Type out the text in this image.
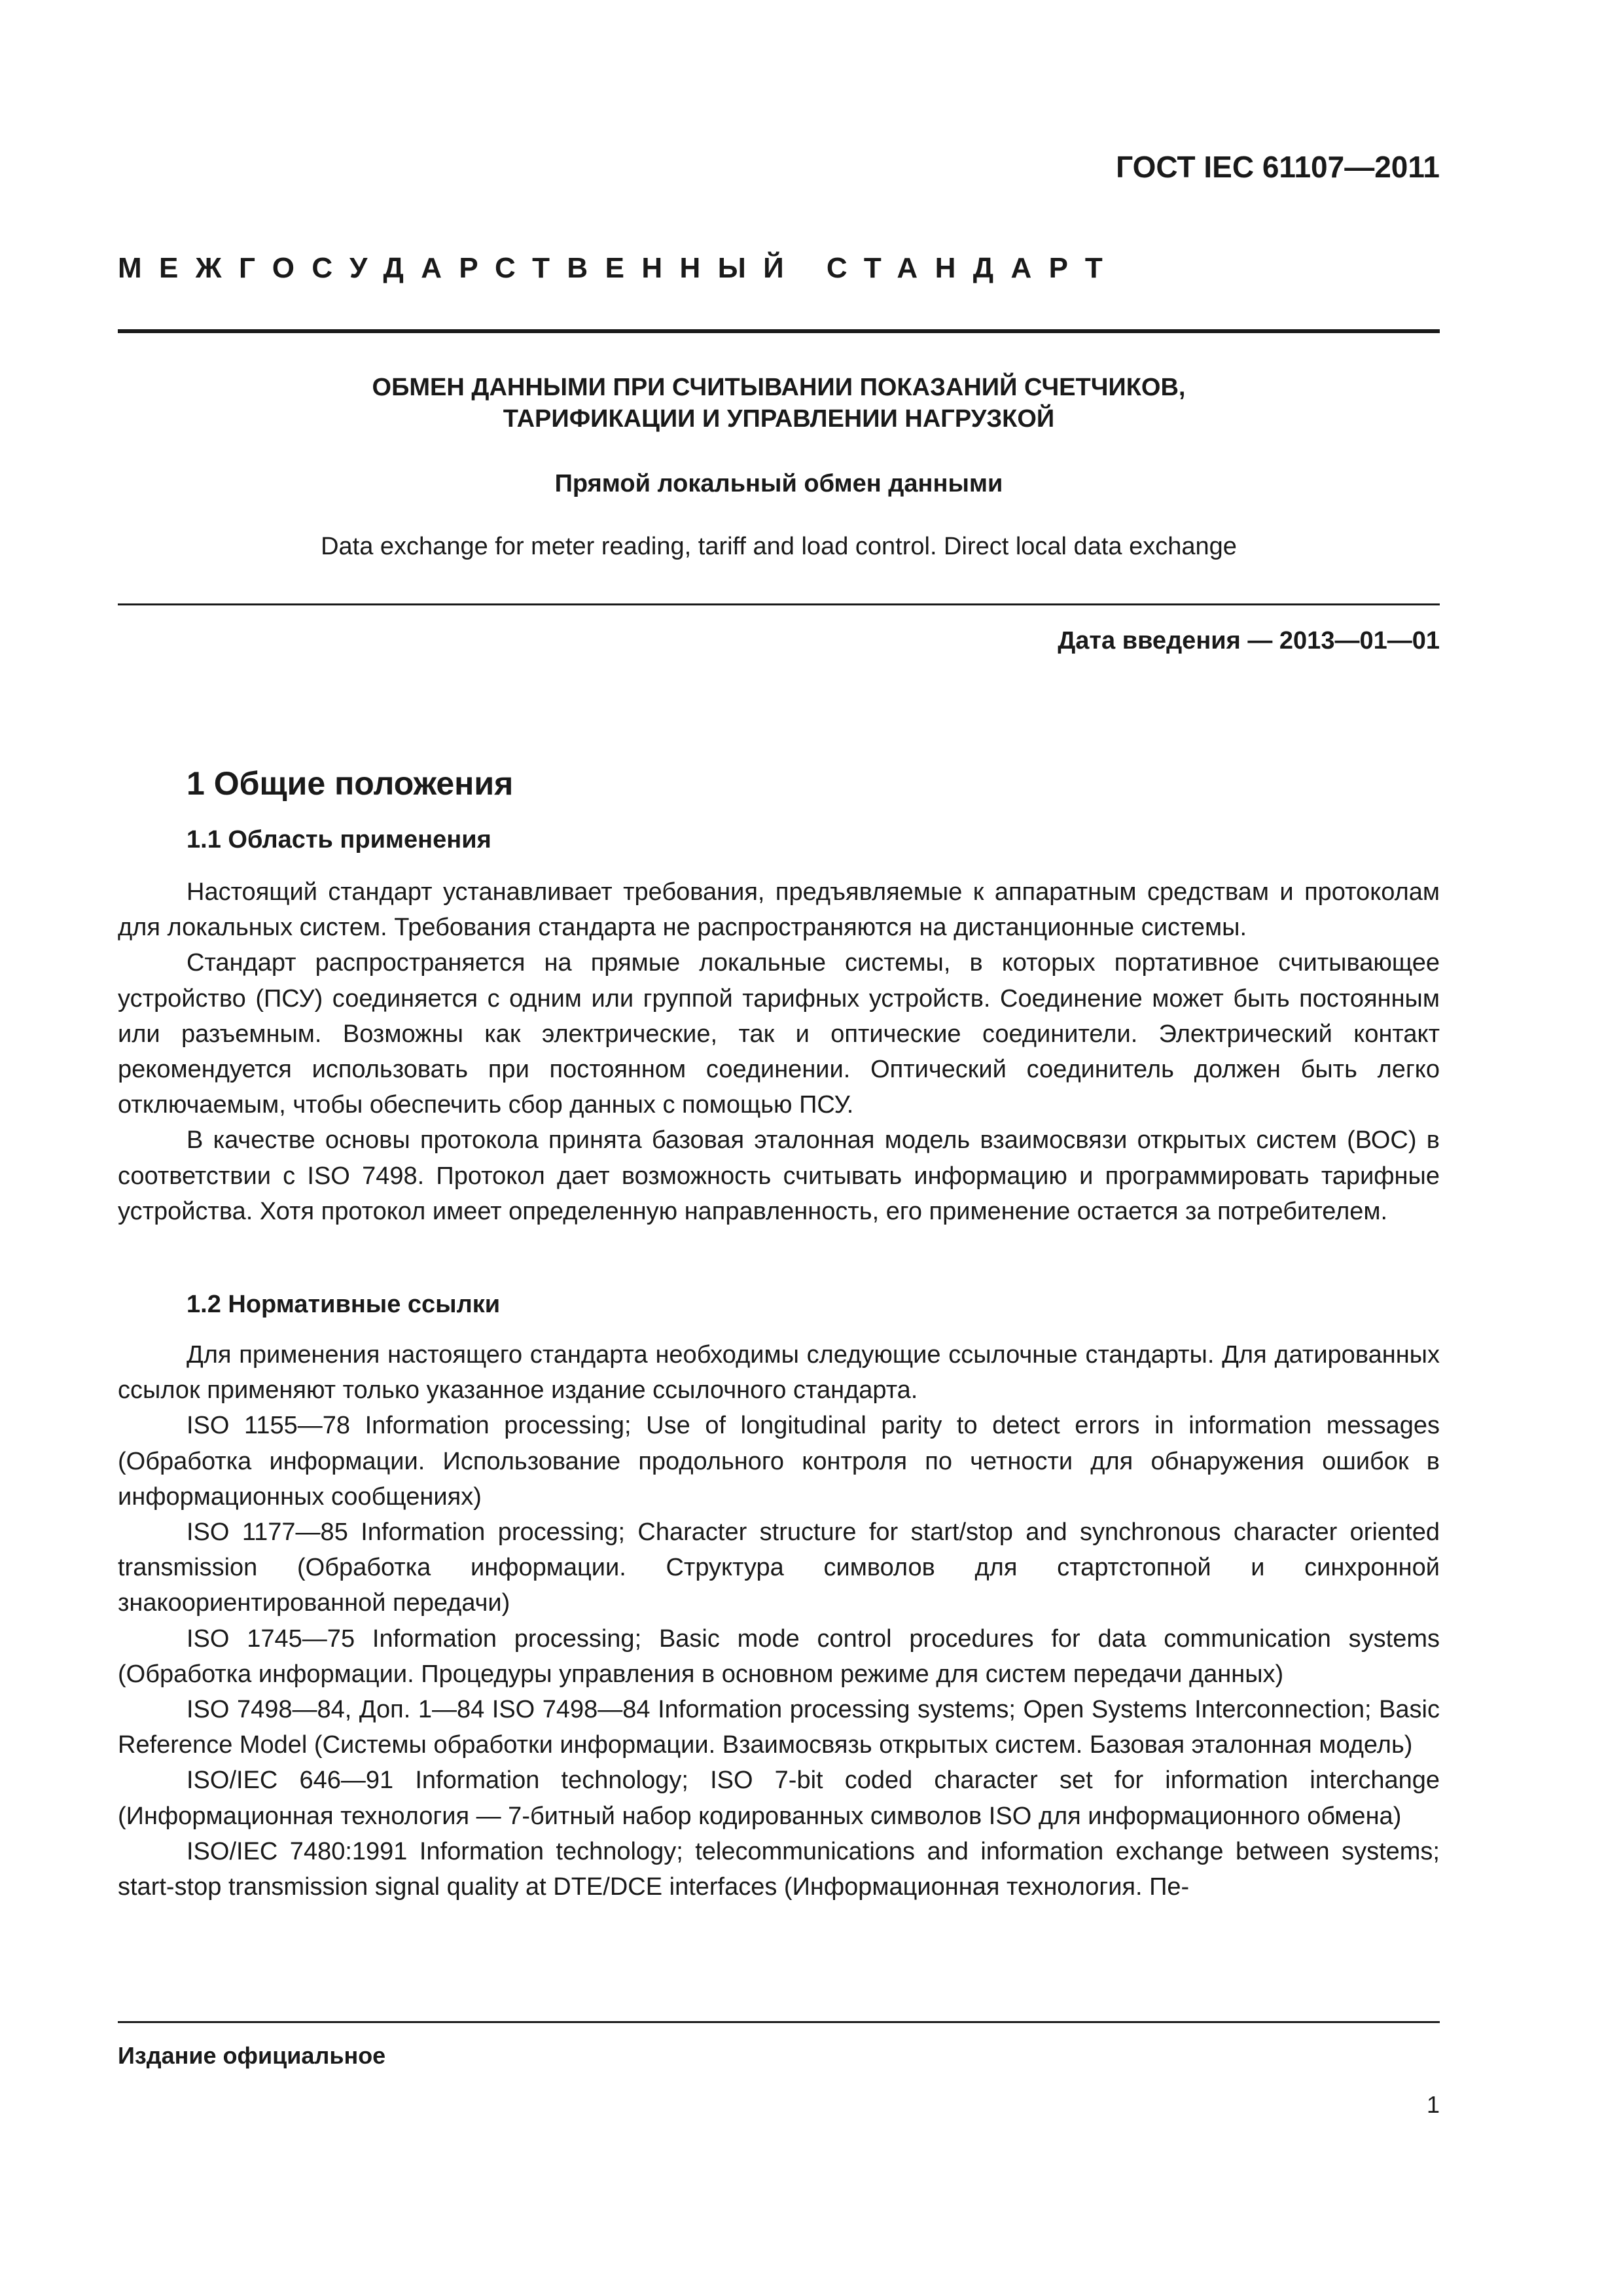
ГОСТ IEC 61107—2011
МЕЖГОСУДАРСТВЕННЫЙ СТАНДАРТ
ОБМЕН ДАННЫМИ ПРИ СЧИТЫВАНИИ ПОКАЗАНИЙ СЧЕТЧИКОВ,
ТАРИФИКАЦИИ И УПРАВЛЕНИИ НАГРУЗКОЙ
Прямой локальный обмен данными
Data exchange for meter reading, tariff and load control. Direct local data exchange
Дата введения — 2013—01—01
1 Общие положения
1.1 Область применения

Настоящий стандарт устанавливает требования, предъявляемые к аппаратным средствам и протоколам для локальных систем. Требования стандарта не распространяются на дистанционные системы.

Стандарт распространяется на прямые локальные системы, в которых портативное считывающее устройство (ПСУ) соединяется с одним или группой тарифных устройств. Соединение может быть постоянным или разъемным. Возможны как электрические, так и оптические соединители. Электрический контакт рекомендуется использовать при постоянном соединении. Оптический соединитель должен быть легко отключаемым, чтобы обеспечить сбор данных с помощью ПСУ.

В качестве основы протокола принята базовая эталонная модель взаимосвязи открытых систем (ВОС) в соответствии с ISO 7498. Протокол дает возможность считывать информацию и программировать тарифные устройства. Хотя протокол имеет определенную направленность, его применение остается за потребителем.

1.2 Нормативные ссылки

Для применения настоящего стандарта необходимы следующие ссылочные стандарты. Для датированных ссылок применяют только указанное издание ссылочного стандарта.

ISO 1155—78 Information processing; Use of longitudinal parity to detect errors in information messages (Обработка информации. Использование продольного контроля по четности для обнаружения ошибок в информационных сообщениях)

ISO 1177—85 Information processing; Character structure for start/stop and synchronous character oriented transmission (Обработка информации. Структура символов для стартстопной и синхронной знакоориентированной передачи)

ISO 1745—75 Information processing; Basic mode control procedures for data communication systems (Обработка информации. Процедуры управления в основном режиме для систем передачи данных)

ISO 7498—84, Доп. 1—84 ISO 7498—84 Information processing systems; Open Systems Interconnection; Basic Reference Model (Системы обработки информации. Взаимосвязь открытых систем. Базовая эталонная модель)

ISO/IEC 646—91 Information technology; ISO 7-bit coded character set for information interchange (Информационная технология — 7-битный набор кодированных символов ISO для информационного обмена)

ISO/IEC 7480:1991 Information technology; telecommunications and information exchange between systems; start-stop transmission signal quality at DTE/DCE interfaces (Информационная технология. Пе-

Издание официальное
1
